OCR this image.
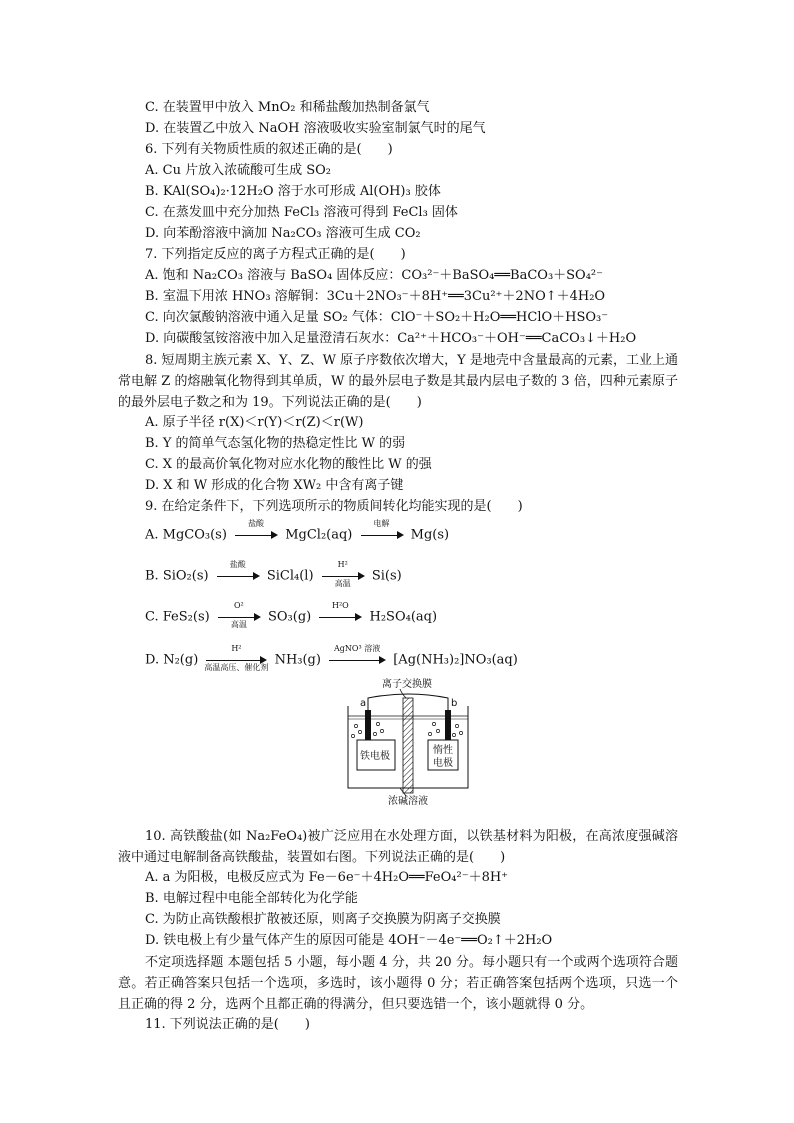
C. 在装置甲中放入 MnO₂ 和稀盐酸加热制备氯气
D. 在装置乙中放入 NaOH 溶液吸收实验室制氯气时的尾气
6. 下列有关物质性质的叙述正确的是(　　)
A. Cu 片放入浓硫酸可生成 SO₂
B. KAl(SO₄)₂·12H₂O 溶于水可形成 Al(OH)₃ 胶体
C. 在蒸发皿中充分加热 FeCl₃ 溶液可得到 FeCl₃ 固体
D. 向苯酚溶液中滴加 Na₂CO₃ 溶液可生成 CO₂
7. 下列指定反应的离子方程式正确的是(　　)
A. 饱和 Na₂CO₃ 溶液与 BaSO₄ 固体反应：CO₃²⁻＋BaSO₄══BaCO₃＋SO₄²⁻
B. 室温下用浓 HNO₃ 溶解铜：3Cu＋2NO₃⁻＋8H⁺══3Cu²⁺＋2NO↑＋4H₂O
C. 向次氯酸钠溶液中通入足量 SO₂ 气体：ClO⁻＋SO₂＋H₂O══HClO＋HSO₃⁻
D. 向碳酸氢铵溶液中加入足量澄清石灰水：Ca²⁺＋HCO₃⁻＋OH⁻══CaCO₃↓＋H₂O
8. 短周期主族元素 X、Y、Z、W 原子序数依次增大，Y 是地壳中含量最高的元素，工业上通常电解 Z 的熔融氧化物得到其单质，W 的最外层电子数是其最内层电子数的 3 倍，四种元素原子的最外层电子数之和为 19。下列说法正确的是(　　)
A. 原子半径 r(X)＜r(Y)＜r(Z)＜r(W)
B. Y 的简单气态氢化物的热稳定性比 W 的弱
C. X 的最高价氧化物对应水化物的酸性比 W 的强
D. X 和 W 形成的化合物 XW₂ 中含有离子键
9. 在给定条件下，下列选项所示的物质间转化均能实现的是(　　)
A. MgCO₃(s)
盐酸
MgCl₂(aq)
电解
Mg(s)
B. SiO₂(s)
盐酸
SiCl₄(l)
H²
高温	Si(s)
C. FeS₂(s)
O²
高温	SO₃(g)
H²O
H₂SO₄(aq)
D. N₂(g)
H²
高温高压、催化剂 NH₃(g)
AgNO³ 溶液
[Ag(NH₃)₂]NO₃(aq)
离子交换膜
a	b
铁电极
惰性
电极
浓碱溶液
10. 高铁酸盐(如 Na₂FeO₄)被广泛应用在水处理方面，以铁基材料为阳极，在高浓度强碱溶液中通过电解制备高铁酸盐，装置如右图。下列说法正确的是(　　)
A. a 为阳极，电极反应式为 Fe－6e⁻＋4H₂O══FeO₄²⁻＋8H⁺
B. 电解过程中电能全部转化为化学能
C. 为防止高铁酸根扩散被还原，则离子交换膜为阴离子交换膜
D. 铁电极上有少量气体产生的原因可能是 4OH⁻－4e⁻══O₂↑＋2H₂O
不定项选择题 本题包括 5 小题，每小题 4 分，共 20 分。每小题只有一个或两个选项符合题意。若正确答案只包括一个选项，多选时，该小题得 0 分；若正确答案包括两个选项，只选一个且正确的得 2 分，选两个且都正确的得满分，但只要选错一个，该小题就得 0 分。
11. 下列说法正确的是(　　)
